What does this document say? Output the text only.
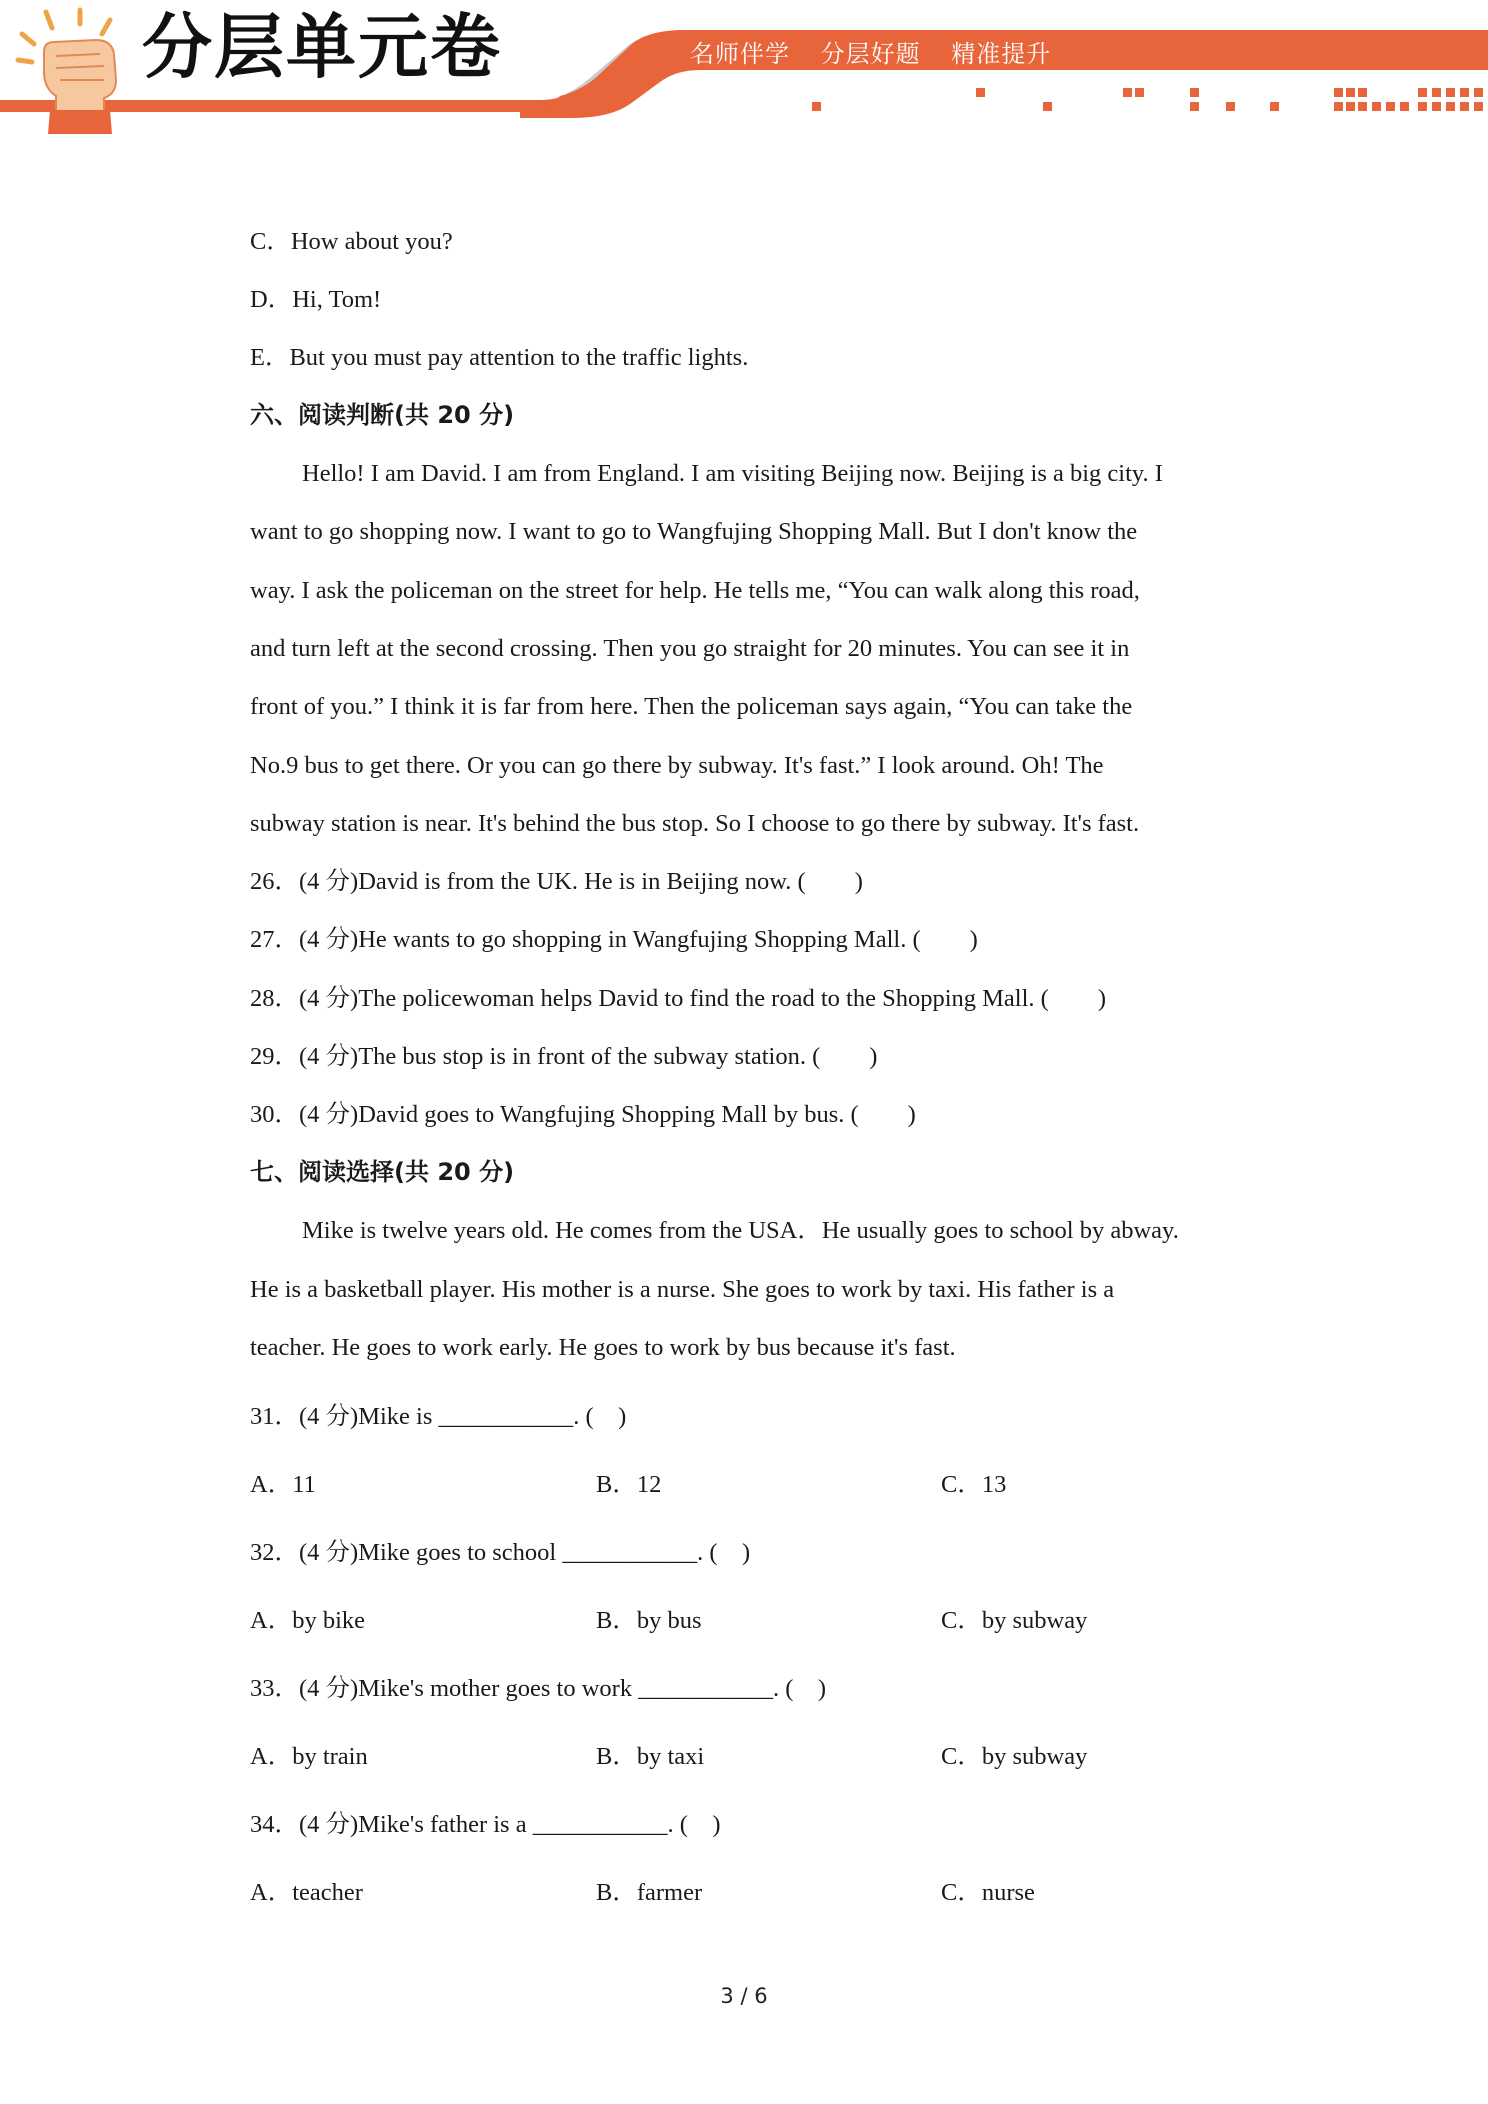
分层单元卷	名师伴学 分层好题 精准提升
C．How about you?
D．Hi, Tom!
E．But you must pay attention to the traffic lights.
六、阅读判断(共 20 分)
Hello! I am David. I am from England. I am visiting Beijing now. Beijing is a big city. I
want to go shopping now. I want to go to Wangfujing Shopping Mall. But I don't know the
way. I ask the policeman on the street for help. He tells me, “You can walk along this road,
and turn left at the second crossing. Then you go straight for 20 minutes. You can see it in
front of you.” I think it is far from here. Then the policeman says again, “You can take the
No.9 bus to get there. Or you can go there by subway. It's fast.” I look around. Oh! The
subway station is near. It's behind the bus stop. So I choose to go there by subway. It's fast.
26．(4 分)David is from the UK. He is in Beijing now. (　　)
27．(4 分)He wants to go shopping in Wangfujing Shopping Mall. (　　)
28．(4 分)The policewoman helps David to find the road to the Shopping Mall. (　　)
29．(4 分)The bus stop is in front of the subway station. (　　)
30．(4 分)David goes to Wangfujing Shopping Mall by bus. (　　)
七、阅读选择(共 20 分)
Mike is twelve years old. He comes from the USA．He usually goes to school by abway.
He is a basketball player. His mother is a nurse. She goes to work by taxi. His father is a
teacher. He goes to work early. He goes to work by bus because it's fast.
31．(4 分)Mike is ___________. (　)
A．11	B．12	C．13
32．(4 分)Mike goes to school ___________. (　)
A．by bike	B．by bus	C．by subway
33．(4 分)Mike's mother goes to work ___________. (　)
A．by train	B．by taxi	C．by subway
34．(4 分)Mike's father is a ___________. (　)
A．teacher	B．farmer	C．nurse
3 / 6
